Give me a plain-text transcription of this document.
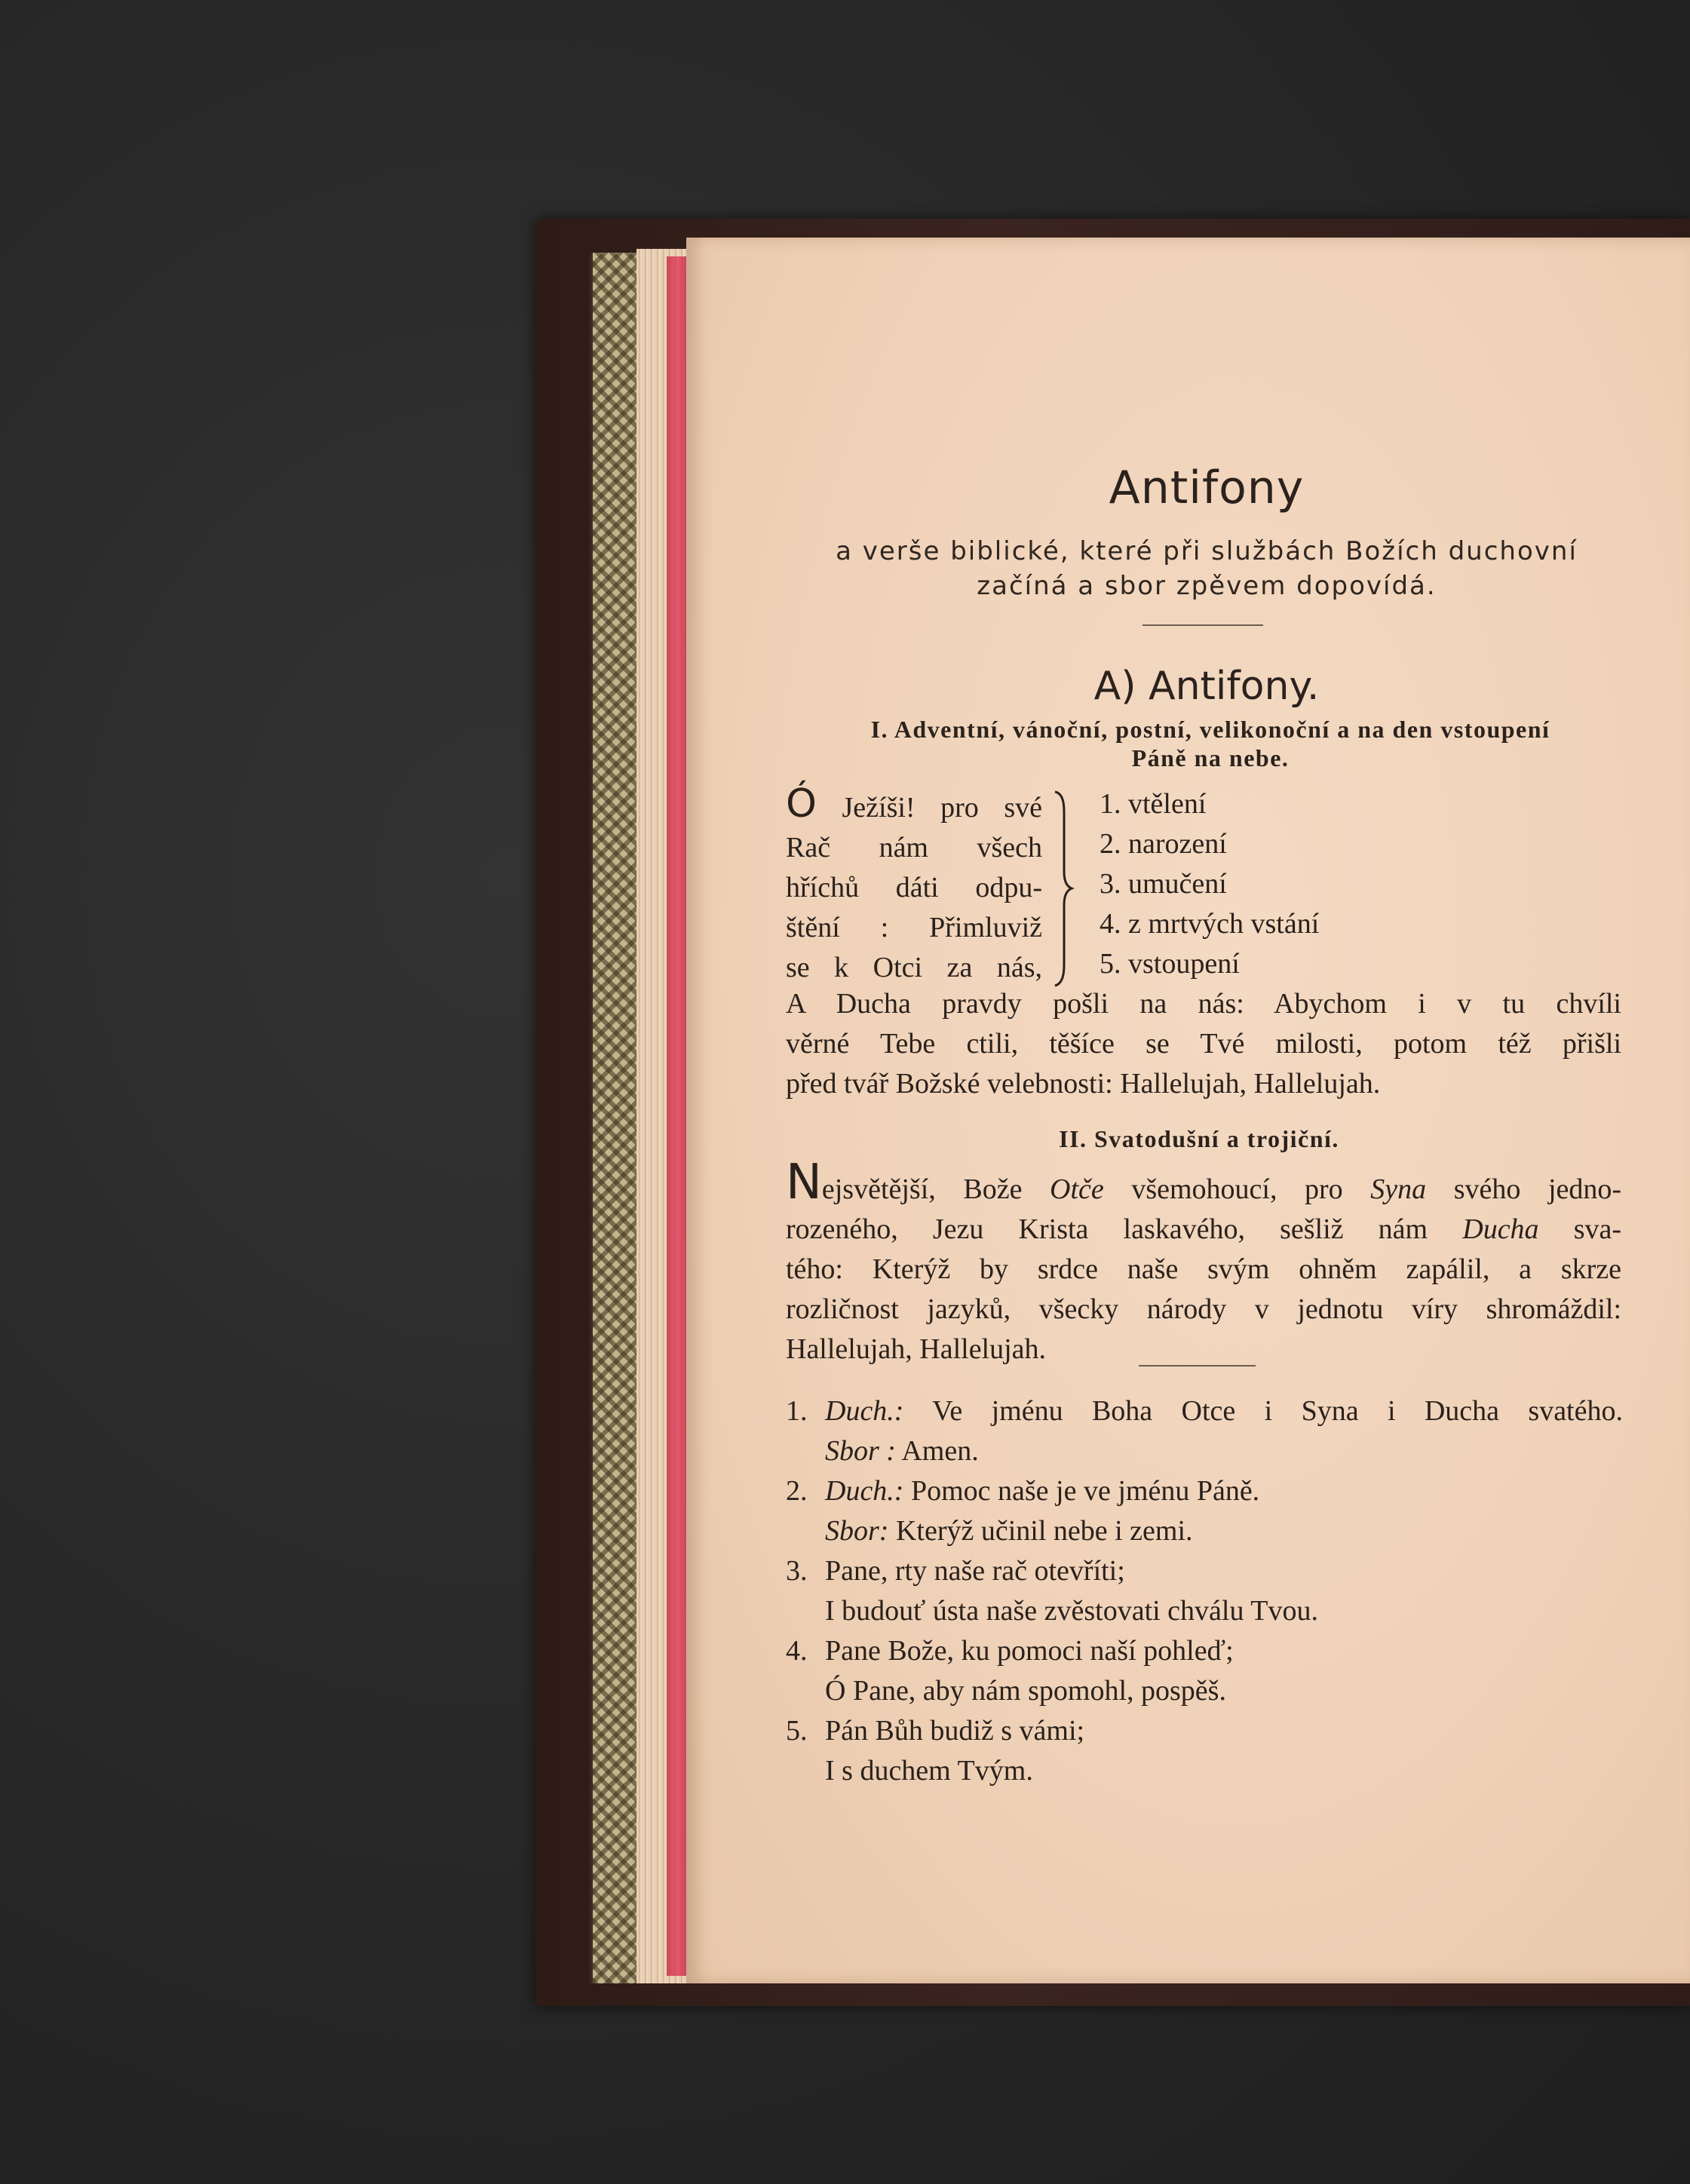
Antifony
a verše biblické, které při službách Božích duchovní
začíná a sbor zpěvem dopovídá.
A) Antifony.
I. Adventní, vánoční, postní, velikonoční a na den vstoupení
Páně na nebe.
Ó Ježíši! pro své
Rač nám všech
hříchů dáti odpu-
štění : Přimluviž
se k Otci za nás,
1. vtělení
2. narození
3. umučení
4. z mrtvých vstání
5. vstoupení
A Ducha pravdy pošli na nás: Abychom i v tu chvíli
věrné Tebe ctili, těšíce se Tvé milosti, potom též přišli
před tvář Božské velebnosti: Hallelujah, Hallelujah.
II. Svatodušní a trojiční.
Nejsvětější, Bože Otče všemohoucí, pro Syna svého jedno-
rozeného, Jezu Krista laskavého, sešliž nám Ducha sva-
tého: Kterýž by srdce naše svým ohněm zapálil, a skrze
rozličnost jazyků, všecky národy v jednotu víry shromáždil:
Hallelujah, Hallelujah.
1. Duch.: Ve jménu Boha Otce i Syna i Ducha svatého.
Sbor : Amen.
2. Duch.: Pomoc naše je ve jménu Páně.
Sbor: Kterýž učinil nebe i zemi.
3. Pane, rty naše rač otevříti;
I budouť ústa naše zvěstovati chválu Tvou.
4. Pane Bože, ku pomoci naší pohleď;
Ó Pane, aby nám spomohl, pospěš.
5. Pán Bůh budiž s vámi;
I s duchem Tvým.
